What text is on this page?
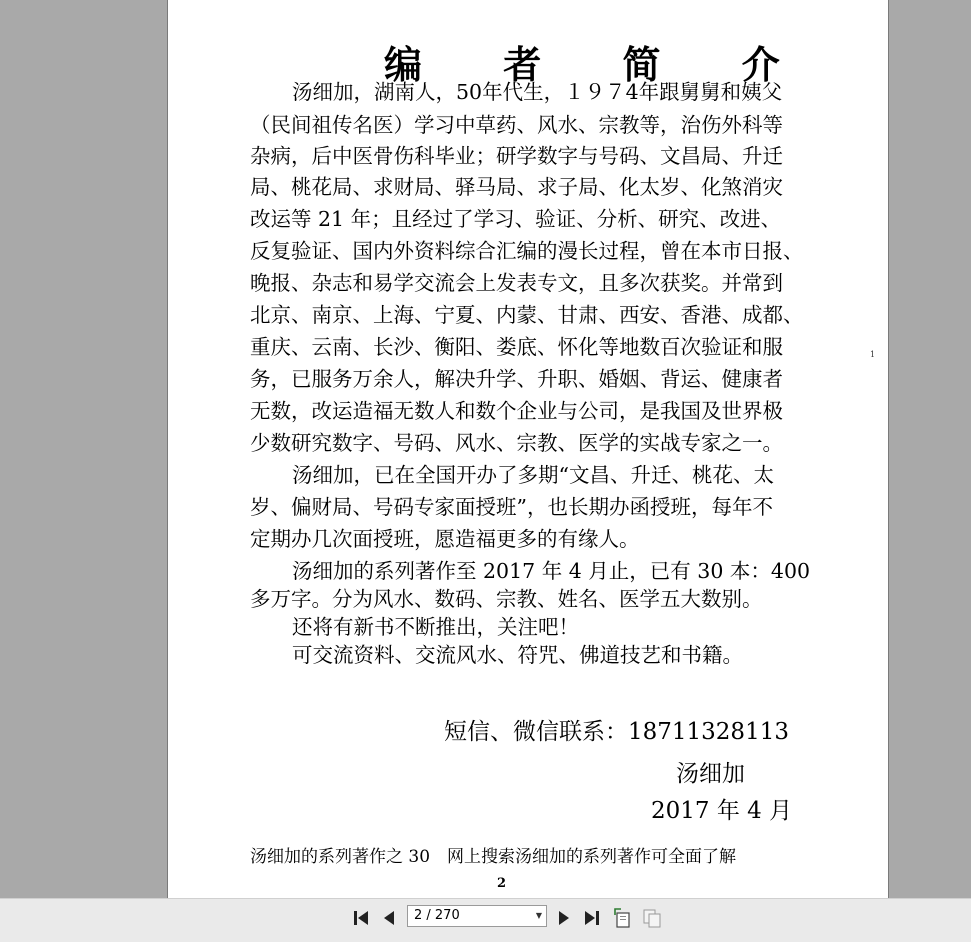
编 者 简 介
汤细加，湖南人，50年代生，１９７4年跟舅舅和姨父
（民间祖传名医）学习中草药、风水、宗教等，治伤外科等
杂病，后中医骨伤科毕业；研学数字与号码、文昌局、升迁
局、桃花局、求财局、驿马局、求子局、化太岁、化煞消灾
改运等 21 年；且经过了学习、验证、分析、研究、改进、
反复验证、国内外资料综合汇编的漫长过程，曾在本市日报、
晚报、杂志和易学交流会上发表专文，且多次获奖。并常到
北京、南京、上海、宁夏、内蒙、甘肃、西安、香港、成都、
重庆、云南、长沙、衡阳、娄底、怀化等地数百次验证和服
务，已服务万余人，解决升学、升职、婚姻、背运、健康者
无数，改运造福无数人和数个企业与公司，是我国及世界极
少数研究数字、号码、风水、宗教、医学的实战专家之一。
汤细加，已在全国开办了多期“文昌、升迁、桃花、太
岁、偏财局、号码专家面授班”，也长期办函授班，每年不
定期办几次面授班，愿造福更多的有缘人。
汤细加的系列著作至 2017 年 4 月止，已有 30 本：400
多万字。分为风水、数码、宗教、姓名、医学五大数别。
还将有新书不断推出，关注吧！
可交流资料、交流风水、符咒、佛道技艺和书籍。
短信、微信联系：18711328113
汤细加
2017 年 4 月
汤细加的系列著作之 30　网上搜索汤细加的系列著作可全面了解
2
1
2 / 270	▼
